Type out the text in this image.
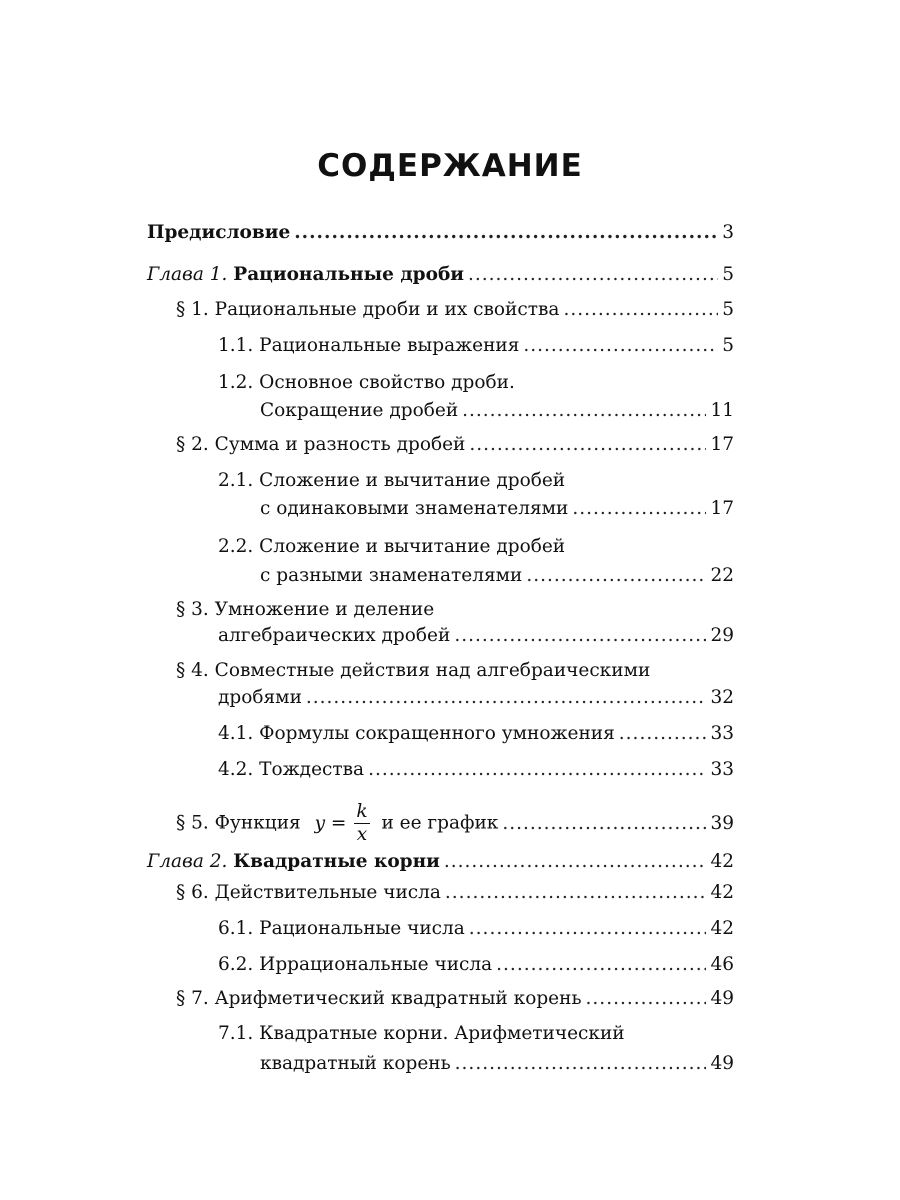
СОДЕРЖАНИЕ
Предисловие .....	3
Глава 1. Рациональные дроби .....	5
§ 1. Рациональные дроби и их свойства .....	5
1.1. Рациональные выражения .....	5
1.2. Основное свойство дроби.
Сокращение дробей .....	11
§ 2. Сумма и разность дробей .....	17
2.1. Сложение и вычитание дробей
с одинаковыми знаменателями .....	17
2.2. Сложение и вычитание дробей
с разными знаменателями .....	22
§ 3. Умножение и деление
алгебраических дробей .....	29
§ 4. Совместные действия над алгебраическими
дробями .....	32
4.1. Формулы сокращенного умножения .....	33
4.2. Тождества .....	33
§ 5. Функция $y = \frac{k}{x}$ и ее график .....	39
Глава 2. Квадратные корни .....	42
§ 6. Действительные числа .....	42
6.1. Рациональные числа .....	42
6.2. Иррациональные числа .....	46
§ 7. Арифметический квадратный корень .....	49
7.1. Квадратные корни. Арифметический
квадратный корень .....	49
